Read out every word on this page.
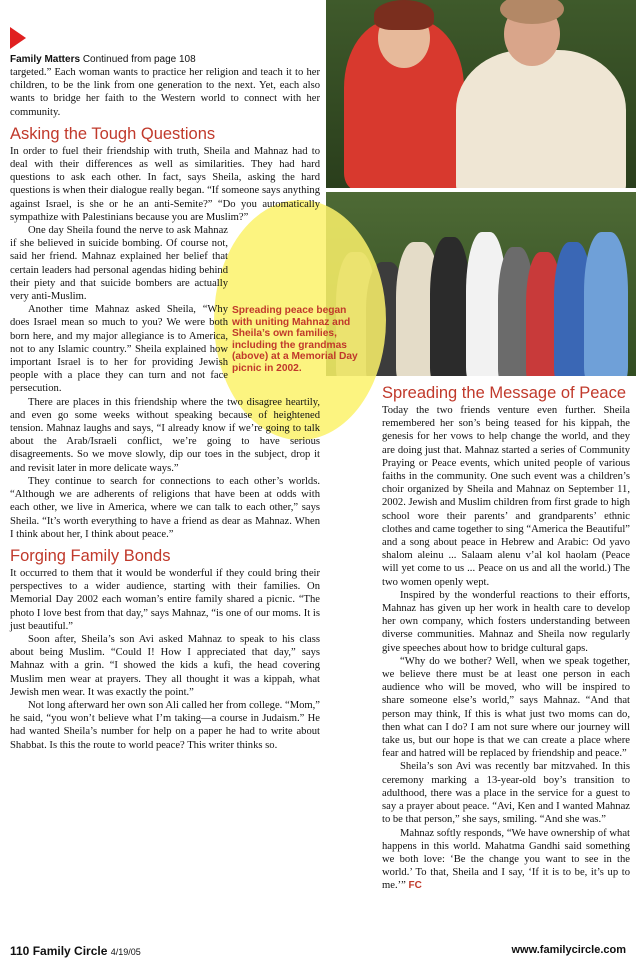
Family Matters Continued from page 108

targeted.” Each woman wants to practice her religion and teach it to her children, to be the link from one generation to the next. Yet, each also wants to bridge her faith to the Western world to connect with her community.

Asking the Tough Questions

In order to fuel their friendship with truth, Sheila and Mahnaz had to deal with their differences as well as similarities. They had hard questions to ask each other. In fact, says Sheila, asking the hard questions is when their dialogue really began. “If someone says anything against Israel, is she or he an anti-Semite?” “Do you automatically sympathize with Palestinians because you are Muslim?”

One day Sheila found the nerve to ask Mahnaz if she believed in suicide bombing. Of course not, said her friend. Mahnaz explained her belief that certain leaders had personal agendas hiding behind their piety and that suicide bombers are actually very anti-Muslim.

Another time Mahnaz asked Sheila, “Why does Israel mean so much to you? We were both born here, and my major allegiance is to America, not to any Islamic country.” Sheila explained how important Israel is to her for providing Jewish people with a place they can turn and not face persecution.

There are places in this friendship where the two disagree heartily, and even go some weeks without speaking because of heightened tension. Mahnaz laughs and says, “I already know if we’re going to talk about the Arab/Israeli conflict, we’re going to have serious disagreements. So we move slowly, dip our toes in the subject, drop it and revisit later in more delicate ways.”

They continue to search for connections to each other’s worlds. “Although we are adherents of religions that have been at odds with each other, we live in America, where we can talk to each other,” says Sheila. “It’s worth everything to have a friend as dear as Mahnaz. When I think about her, I think about peace.”

Forging Family Bonds

It occurred to them that it would be wonderful if they could bring their perspectives to a wider audience, starting with their families. On Memorial Day 2002 each woman’s entire family shared a picnic. “The photo I love best from that day,” says Mahnaz, “is one of our moms. It is just beautiful.”

Soon after, Sheila’s son Avi asked Mahnaz to speak to his class about being Muslim. “Could I! How I appreciated that day,” says Mahnaz with a grin. “I showed the kids a kufi, the head covering Muslim men wear at prayers. They all thought it was a kippah, what Jewish men wear. It was exactly the point.”

Not long afterward her own son Ali called her from college. “Mom,” he said, “you won’t believe what I’m taking—a course in Judaism.” He had wanted Sheila’s number for help on a paper he had to write about Shabbat. Is this the route to world peace? This writer thinks so.

Spreading peace began with uniting Mahnaz and Sheila’s own families, including the grandmas (above) at a Memorial Day picnic in 2002.
Spreading the Message of Peace

Today the two friends venture even further. Sheila remembered her son’s being teased for his kippah, the genesis for her vows to help change the world, and they are doing just that. Mahnaz started a series of Community Praying or Peace events, which united people of various faiths in the community. One such event was a children’s choir organized by Sheila and Mahnaz on September 11, 2002. Jewish and Muslim children from first grade to high school wore their parents’ and grandparents’ ethnic clothes and came together to sing “America the Beautiful” and a song about peace in Hebrew and Arabic: Od yavo shalom aleinu ... Salaam alenu v’al kol haolam (Peace will yet come to us ... Peace on us and all the world.) The two women openly wept.

Inspired by the wonderful reactions to their efforts, Mahnaz has given up her work in health care to develop her own company, which fosters understanding between diverse communities. Mahnaz and Sheila now regularly give speeches about how to bridge cultural gaps.

“Why do we bother? Well, when we speak together, we believe there must be at least one person in each audience who will be moved, who will be inspired to share someone else’s world,” says Mahnaz. “And that person may think, If this is what just two moms can do, then what can I do? I am not sure where our journey will take us, but our hope is that we can create a place where fear and hatred will be replaced by friendship and peace.”

Sheila’s son Avi was recently bar mitzvahed. In this ceremony marking a 13-year-old boy’s transition to adulthood, there was a place in the service for a guest to say a prayer about peace. “Avi, Ken and I wanted Mahnaz to be that person,” she says, smiling. “And she was.”

Mahnaz softly responds, “We have ownership of what happens in this world. Mahatma Gandhi said something we both love: ‘Be the change you want to see in the world.’ To that, Sheila and I say, ‘If it is to be, it’s up to me.’” FC

110 Family Circle 4/19/05	www.familycircle.com
